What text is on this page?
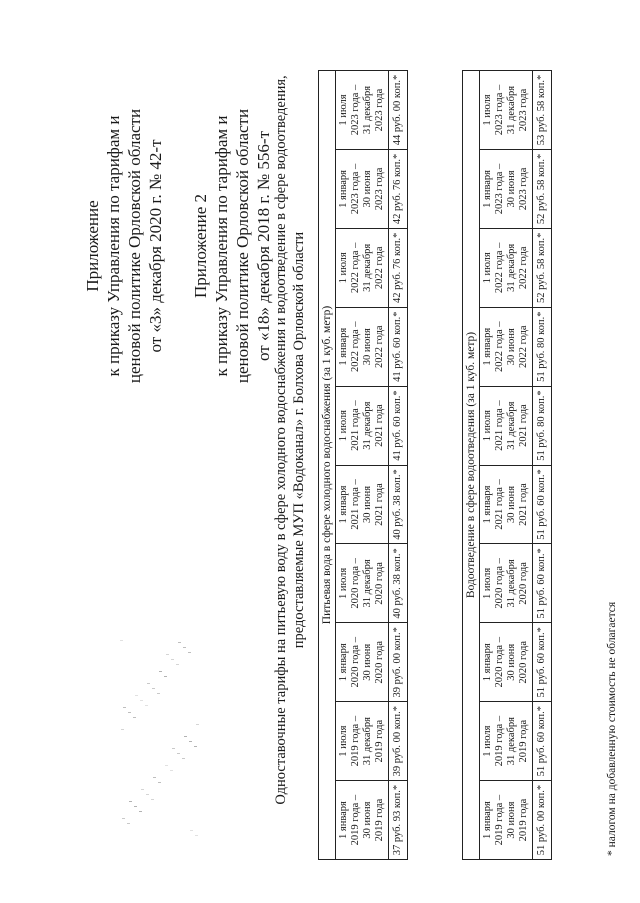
Приложение к приказу Управления по тарифам и ценовой политике Орловской области от «3» декабря 2020 г. № 42-т Приложение 2 к приказу Управления по тарифам и ценовой политике Орловской области от «18» декабря 2018 г. № 556-т Одноставочные тарифы на питьевую воду в сфере холодного водоснабжения и водоотведение в сфере водоотведения, предоставляемые МУП «Водоканал» г. Болхова Орловской области Питьевая вода в сфере холодного водоснабжения (за 1 куб. метр)									

1 января 2019 года – 30 июня 2019 года	1 июля 2019 года – 31 декабря 2019 года	1 января 2020 года – 30 июня 2020 года	1 июля 2020 года – 31 декабря 2020 года	1 января 2021 года – 30 июня 2021 года	1 июля 2021 года – 31 декабря 2021 года	1 января 2022 года – 30 июня 2022 года	1 июля 2022 года – 31 декабря 2022 года	1 января 2023 года – 30 июня 2023 года	1 июля 2023 года – 31 декабря 2023 года

37 руб. 93 коп.*	39 руб. 00 коп.*	39 руб. 00 коп.*	40 руб. 38 коп.*	40 руб. 38 коп.*	41 руб. 60 коп.*	41 руб. 60 коп.*	42 руб. 76 коп.*	42 руб. 76 коп.*	44 руб. 00 коп.*
Водоотведение в сфере водоотведения (за 1 куб. метр)									

1 января 2019 года – 30 июня 2019 года	1 июля 2019 года – 31 декабря 2019 года	1 января 2020 года – 30 июня 2020 года	1 июля 2020 года – 31 декабря 2020 года	1 января 2021 года – 30 июня 2021 года	1 июля 2021 года – 31 декабря 2021 года	1 января 2022 года – 30 июня 2022 года	1 июля 2022 года – 31 декабря 2022 года	1 января 2023 года – 30 июня 2023 года	1 июля 2023 года – 31 декабря 2023 года

51 руб. 00 коп.*	51 руб. 60 коп.*	51 руб. 60 коп.*	51 руб. 60 коп.*	51 руб. 60 коп.*	51 руб. 80 коп.*	51 руб. 80 коп.*	52 руб. 58 коп.*	52 руб. 58 коп.*	53 руб. 58 коп.*
* налогом на добавленную стоимость не облагается
